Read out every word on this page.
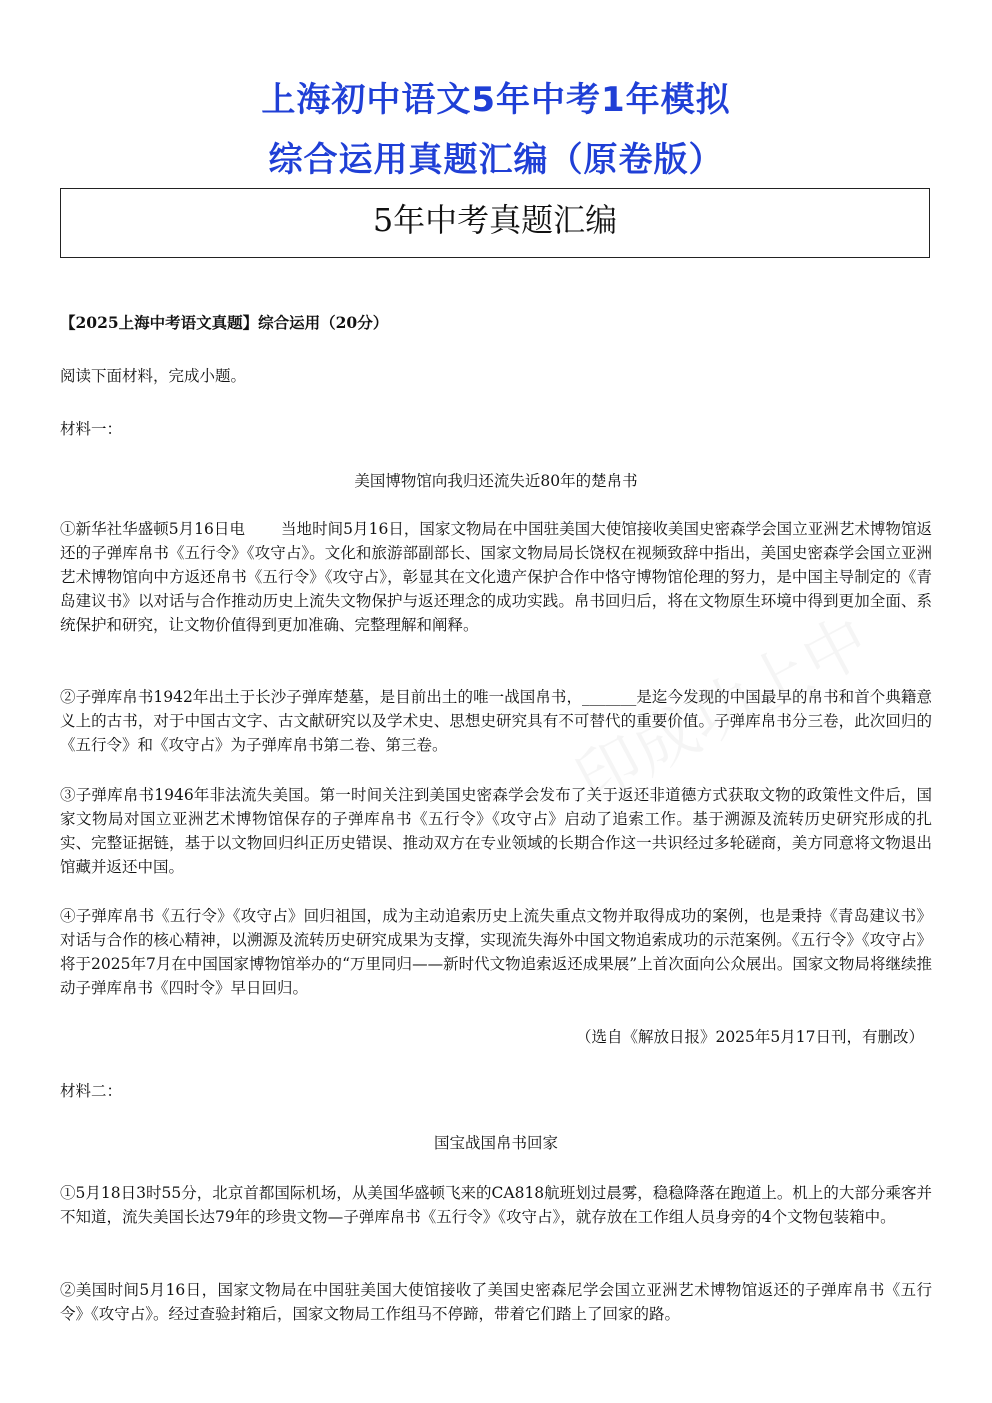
上海初中语文5年中考1年模拟
综合运用真题汇编（原卷版）
5年中考真题汇编
【2025上海中考语文真题】综合运用（20分）
阅读下面材料，完成小题。
材料一：
美国博物馆向我归还流失近80年的楚帛书

①新华社华盛顿5月16日电　　 当地时间5月16日，国家文物局在中国驻美国大使馆接收美国史密森学会国立亚洲艺术博物馆返还的子弹库帛书《五行令》《攻守占》。文化和旅游部副部长、国家文物局局长饶权在视频致辞中指出，美国史密森学会国立亚洲艺术博物馆向中方返还帛书《五行令》《攻守占》，彰显其在文化遗产保护合作中恪守博物馆伦理的努力，是中国主导制定的《青岛建议书》以对话与合作推动历史上流失文物保护与返还理念的成功实践。帛书回归后，将在文物原生环境中得到更加全面、系统保护和研究，让文物价值得到更加准确、完整理解和阐释。

②子弹库帛书1942年出土于长沙子弹库楚墓，是目前出土的唯一战国帛书，_______是迄今发现的中国最早的帛书和首个典籍意义上的古书，对于中国古文字、古文献研究以及学术史、思想史研究具有不可替代的重要价值。子弹库帛书分三卷，此次回归的《五行令》和《攻守占》为子弹库帛书第二卷、第三卷。

③子弹库帛书1946年非法流失美国。第一时间关注到美国史密森学会发布了关于返还非道德方式获取文物的政策性文件后，国家文物局对国立亚洲艺术博物馆保存的子弹库帛书《五行令》《攻守占》启动了追索工作。基于溯源及流转历史研究形成的扎实、完整证据链，基于以文物回归纠正历史错误、推动双方在专业领域的长期合作这一共识经过多轮磋商，美方同意将文物退出馆藏并返还中国。

④子弹库帛书《五行令》《攻守占》回归祖国，成为主动追索历史上流失重点文物并取得成功的案例，也是秉持《青岛建议书》对话与合作的核心精神，以溯源及流转历史研究成果为支撑，实现流失海外中国文物追索成功的示范案例。《五行令》《攻守占》将于2025年7月在中国国家博物馆举办的“万里同归——新时代文物追索返还成果展”上首次面向公众展出。国家文物局将继续推动子弹库帛书《四时令》早日回归。

（选自《解放日报》2025年5月17日刊，有删改）
材料二：
国宝战国帛书回家

①5月18日3时55分，北京首都国际机场，从美国华盛顿飞来的CA818航班划过晨雾，稳稳降落在跑道上。机上的大部分乘客并不知道，流失美国长达79年的珍贵文物—子弹库帛书《五行令》《攻守占》，就存放在工作组人员身旁的4个文物包装箱中。

②美国时间5月16日，国家文物局在中国驻美国大使馆接收了美国史密森尼学会国立亚洲艺术博物馆返还的子弹库帛书《五行令》《攻守占》。经过查验封箱后，国家文物局工作组马不停蹄，带着它们踏上了回家的路。
